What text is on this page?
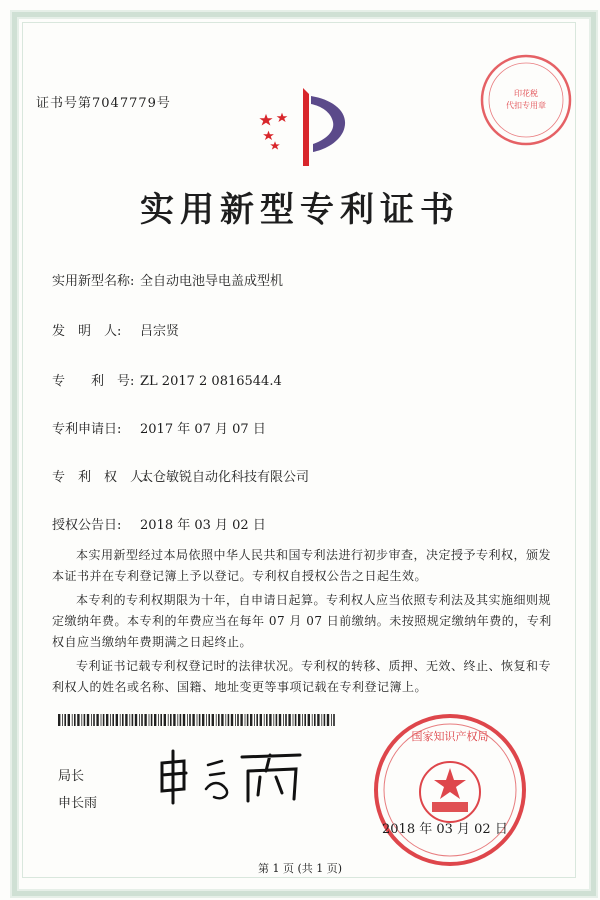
印花税
代扣专用章
证书号第7047779号
实用新型专利证书
实用新型名称: 全自动电池导电盖成型机
发　明　人: 吕宗贤
专　　利　号: ZL 2017 2 0816544.4
专利申请日: 2017 年 07 月 07 日
专　利　权　人:太仓敏锐自动化科技有限公司
授权公告日: 2018 年 03 月 02 日
本实用新型经过本局依照中华人民共和国专利法进行初步审查，决定授予专利权，颁发本证书并在专利登记簿上予以登记。专利权自授权公告之日起生效。
本专利的专利权期限为十年，自申请日起算。专利权人应当依照专利法及其实施细则规定缴纳年费。本专利的年费应当在每年 07 月 07 日前缴纳。未按照规定缴纳年费的，专利权自应当缴纳年费期满之日起终止。
专利证书记载专利权登记时的法律状况。专利权的转移、质押、无效、终止、恢复和专利权人的姓名或名称、国籍、地址变更等事项记载在专利登记簿上。
局长
申长雨
国家知识产权局
2018 年 03 月 02 日
第 1 页 (共 1 页)
